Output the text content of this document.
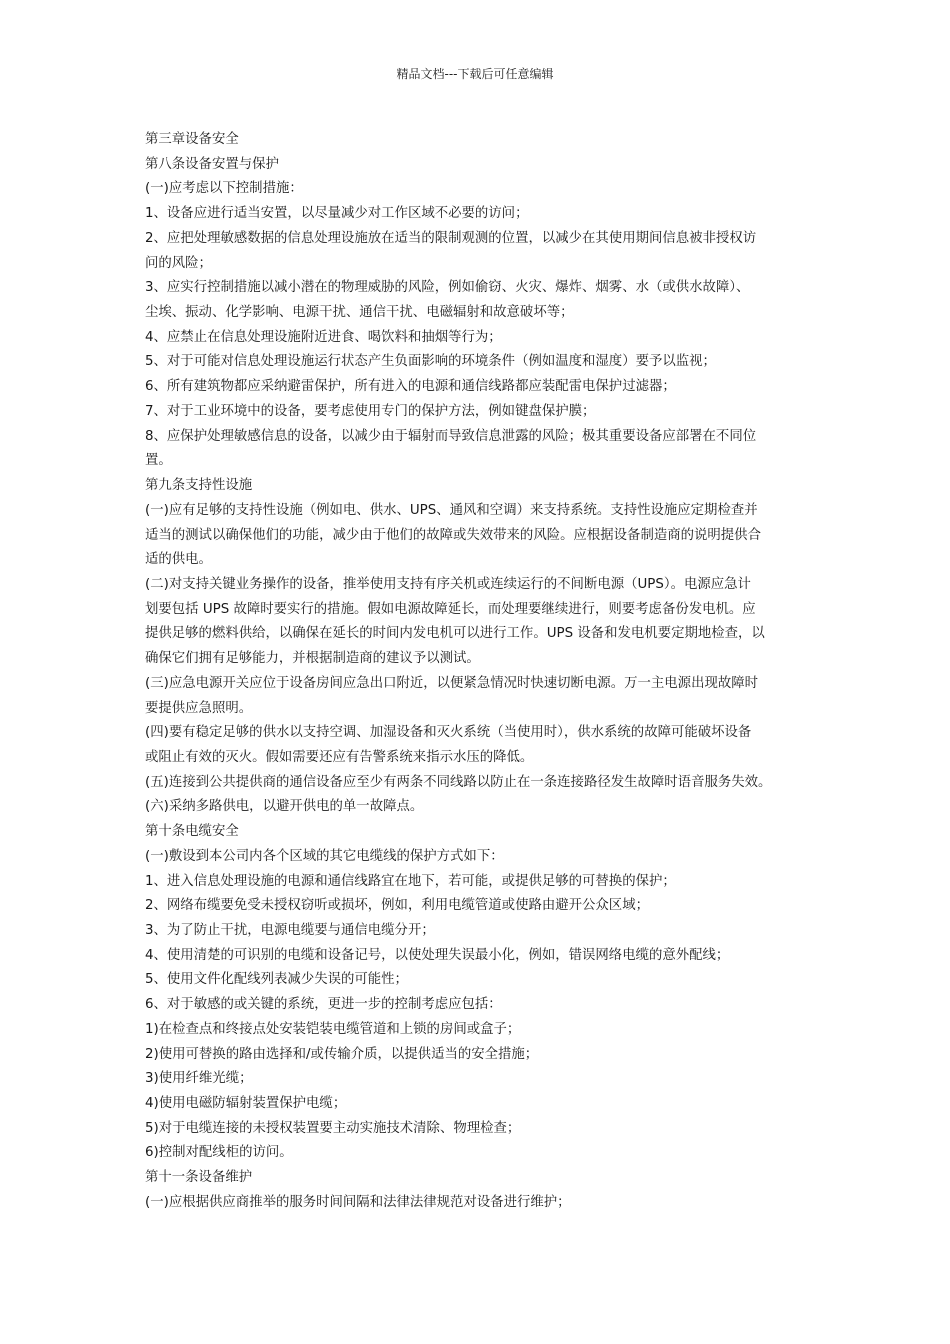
精品文档---下载后可任意编辑
第三章设备安全
第八条设备安置与保护
(一)应考虑以下控制措施：
1、设备应进行适当安置，以尽量减少对工作区域不必要的访问；
2、应把处理敏感数据的信息处理设施放在适当的限制观测的位置，以减少在其使用期间信息被非授权访
问的风险；
3、应实行控制措施以减小潜在的物理威胁的风险，例如偷窃、火灾、爆炸、烟雾、水（或供水故障）、
尘埃、振动、化学影响、电源干扰、通信干扰、电磁辐射和故意破坏等；
4、应禁止在信息处理设施附近进食、喝饮料和抽烟等行为；
5、对于可能对信息处理设施运行状态产生负面影响的环境条件（例如温度和湿度）要予以监视；
6、所有建筑物都应采纳避雷保护，所有进入的电源和通信线路都应装配雷电保护过滤器；
7、对于工业环境中的设备，要考虑使用专门的保护方法，例如键盘保护膜；
8、应保护处理敏感信息的设备，以减少由于辐射而导致信息泄露的风险；极其重要设备应部署在不同位
置。
第九条支持性设施
(一)应有足够的支持性设施（例如电、供水、UPS、通风和空调）来支持系统。支持性设施应定期检查并
适当的测试以确保他们的功能，减少由于他们的故障或失效带来的风险。应根据设备制造商的说明提供合
适的供电。
(二)对支持关键业务操作的设备，推举使用支持有序关机或连续运行的不间断电源（UPS）。电源应急计
划要包括 UPS 故障时要实行的措施。假如电源故障延长，而处理要继续进行，则要考虑备份发电机。应
提供足够的燃料供给，以确保在延长的时间内发电机可以进行工作。UPS 设备和发电机要定期地检查，以
确保它们拥有足够能力，并根据制造商的建议予以测试。
(三)应急电源开关应位于设备房间应急出口附近，以便紧急情况时快速切断电源。万一主电源出现故障时
要提供应急照明。
(四)要有稳定足够的供水以支持空调、加湿设备和灭火系统（当使用时），供水系统的故障可能破坏设备
或阻止有效的灭火。假如需要还应有告警系统来指示水压的降低。
(五)连接到公共提供商的通信设备应至少有两条不同线路以防止在一条连接路径发生故障时语音服务失效。
(六)采纳多路供电，以避开供电的单一故障点。
第十条电缆安全
(一)敷设到本公司内各个区域的其它电缆线的保护方式如下：
1、进入信息处理设施的电源和通信线路宜在地下，若可能，或提供足够的可替换的保护；
2、网络布缆要免受未授权窃听或损坏，例如，利用电缆管道或使路由避开公众区域；
3、为了防止干扰，电源电缆要与通信电缆分开；
4、使用清楚的可识别的电缆和设备记号，以使处理失误最小化，例如，错误网络电缆的意外配线；
5、使用文件化配线列表减少失误的可能性；
6、对于敏感的或关键的系统，更进一步的控制考虑应包括：
1)在检查点和终接点处安装铠装电缆管道和上锁的房间或盒子；
2)使用可替换的路由选择和/或传输介质，以提供适当的安全措施；
3)使用纤维光缆；
4)使用电磁防辐射装置保护电缆；
5)对于电缆连接的未授权装置要主动实施技术清除、物理检查；
6)控制对配线柜的访问。
第十一条设备维护
(一)应根据供应商推举的服务时间间隔和法律法律规范对设备进行维护；
